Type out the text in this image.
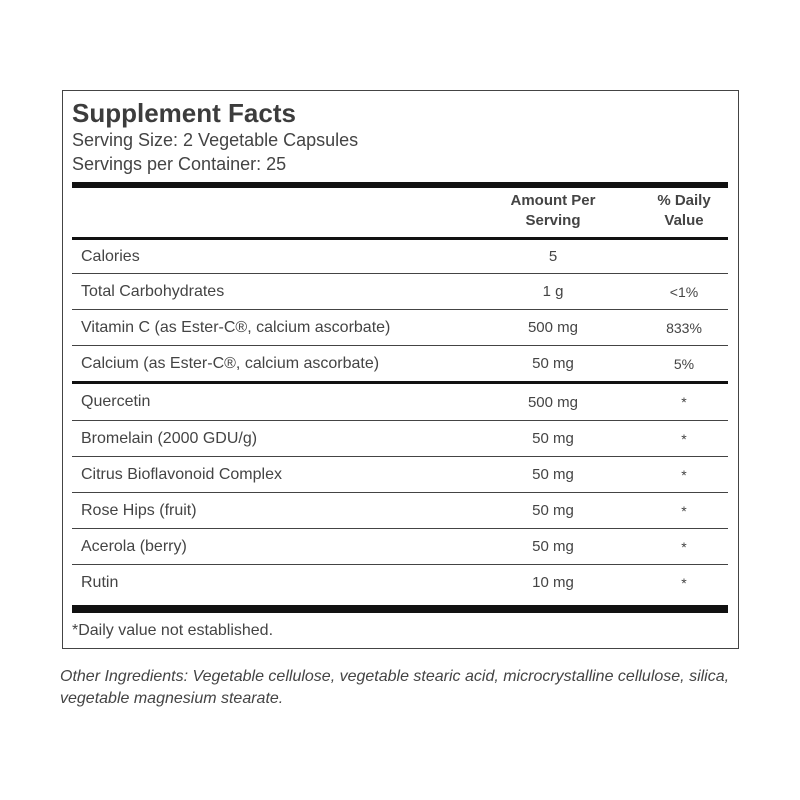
Supplement Facts
Serving Size: 2 Vegetable Capsules
Servings per Container: 25
Amount Per
Serving
% Daily
Value
Calories	5
Total Carbohydrates	1 g	<1%
Vitamin C (as Ester-C®, calcium ascorbate)	500 mg	833%
Calcium (as Ester-C®, calcium ascorbate)	50 mg	5%
Quercetin	500 mg	*
Bromelain (2000 GDU/g)	50 mg	*
Citrus Bioflavonoid Complex	50 mg	*
Rose Hips (fruit)	50 mg	*
Acerola (berry)	50 mg	*
Rutin	10 mg	*
*Daily value not established.
Other Ingredients: Vegetable cellulose, vegetable stearic acid, microcrystalline cellulose, silica, vegetable magnesium stearate.
